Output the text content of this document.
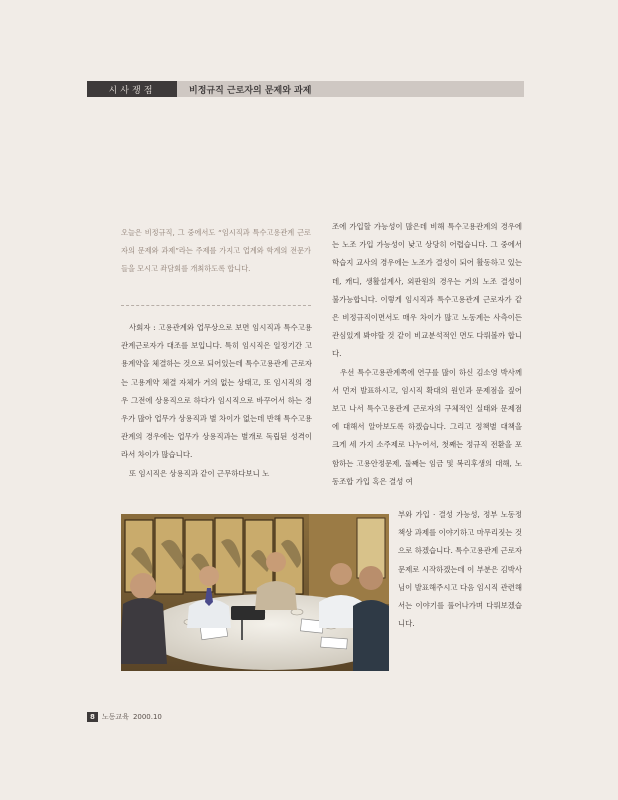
시사쟁점	비정규직 근로자의 문제와 과제

오늘은 비정규직, 그 중에서도 “임시직과 특수고용관계 근로자의 문제와 과제”라는 주제를 가지고 업계와 학계의 전문가들을 모시고 좌담회를 개최하도록 합니다.

사회자 : 고용관계와 업무상으로 보면 임시직과 특수고용관계근로자가 대조를 보입니다. 특히 임시직은 일정기간 고용계약을 체결하는 것으로 되어있는데 특수고용관계 근로자는 고용계약 체결 자체가 거의 없는 상태고, 또 임시직의 경우 그전에 상용직으로 하다가 임시직으로 바꾸어서 하는 경우가 많아 업무가 상용직과 별 차이가 없는데 반해 특수고용관계의 경우에는 업무가 상용직과는 별개로 독립된 성격이라서 차이가 많습니다.

또 임시직은 상용직과 같이 근무하다보니 노

조에 가입할 가능성이 많은데 비해 특수고용관계의 경우에는 노조 가입 가능성이 낮고 상당히 어렵습니다. 그 중에서 학습지 교사의 경우에는 노조가 결성이 되어 활동하고 있는데, 캐디, 생활설계사, 외판원의 경우는 거의 노조 결성이 불가능합니다. 이렇게 임시직과 특수고용관계 근로자가 같은 비정규직이면서도 매우 차이가 많고 노동계는 사측이든 관심있게 봐야할 것 같이 비교분석적인 면도 다뤄볼까 합니다.

우선 특수고용관계쪽에 연구를 많이 하신 김소영 박사께서 먼저 발표하시고, 임시직 확대의 원인과 문제점을 짚어보고 나서 특수고용관계 근로자의 구체적인 실태와 문제점에 대해서 알아보도록 하겠습니다. 그리고 정책별 대책을 크게 세 가지 소주제로 나누어서, 첫째는 정규직 전환을 포함하는 고용안정문제, 둘째는 임금 및 복리후생의 대해, 노동조합 가입 혹은 결성 여

부와 가입 · 결성 가능성, 정부 노동정책상 과제를 이야기하고 마무리짓는 것으로 하겠습니다. 특수고용관계 근로자 문제로 시작하겠는데 이 부분은 김박사님이 발표해주시고 다음 임시직 관련해서는 이야기를 풀어나가며 다뤄보겠습니다.

8	노동교육 2000.10
